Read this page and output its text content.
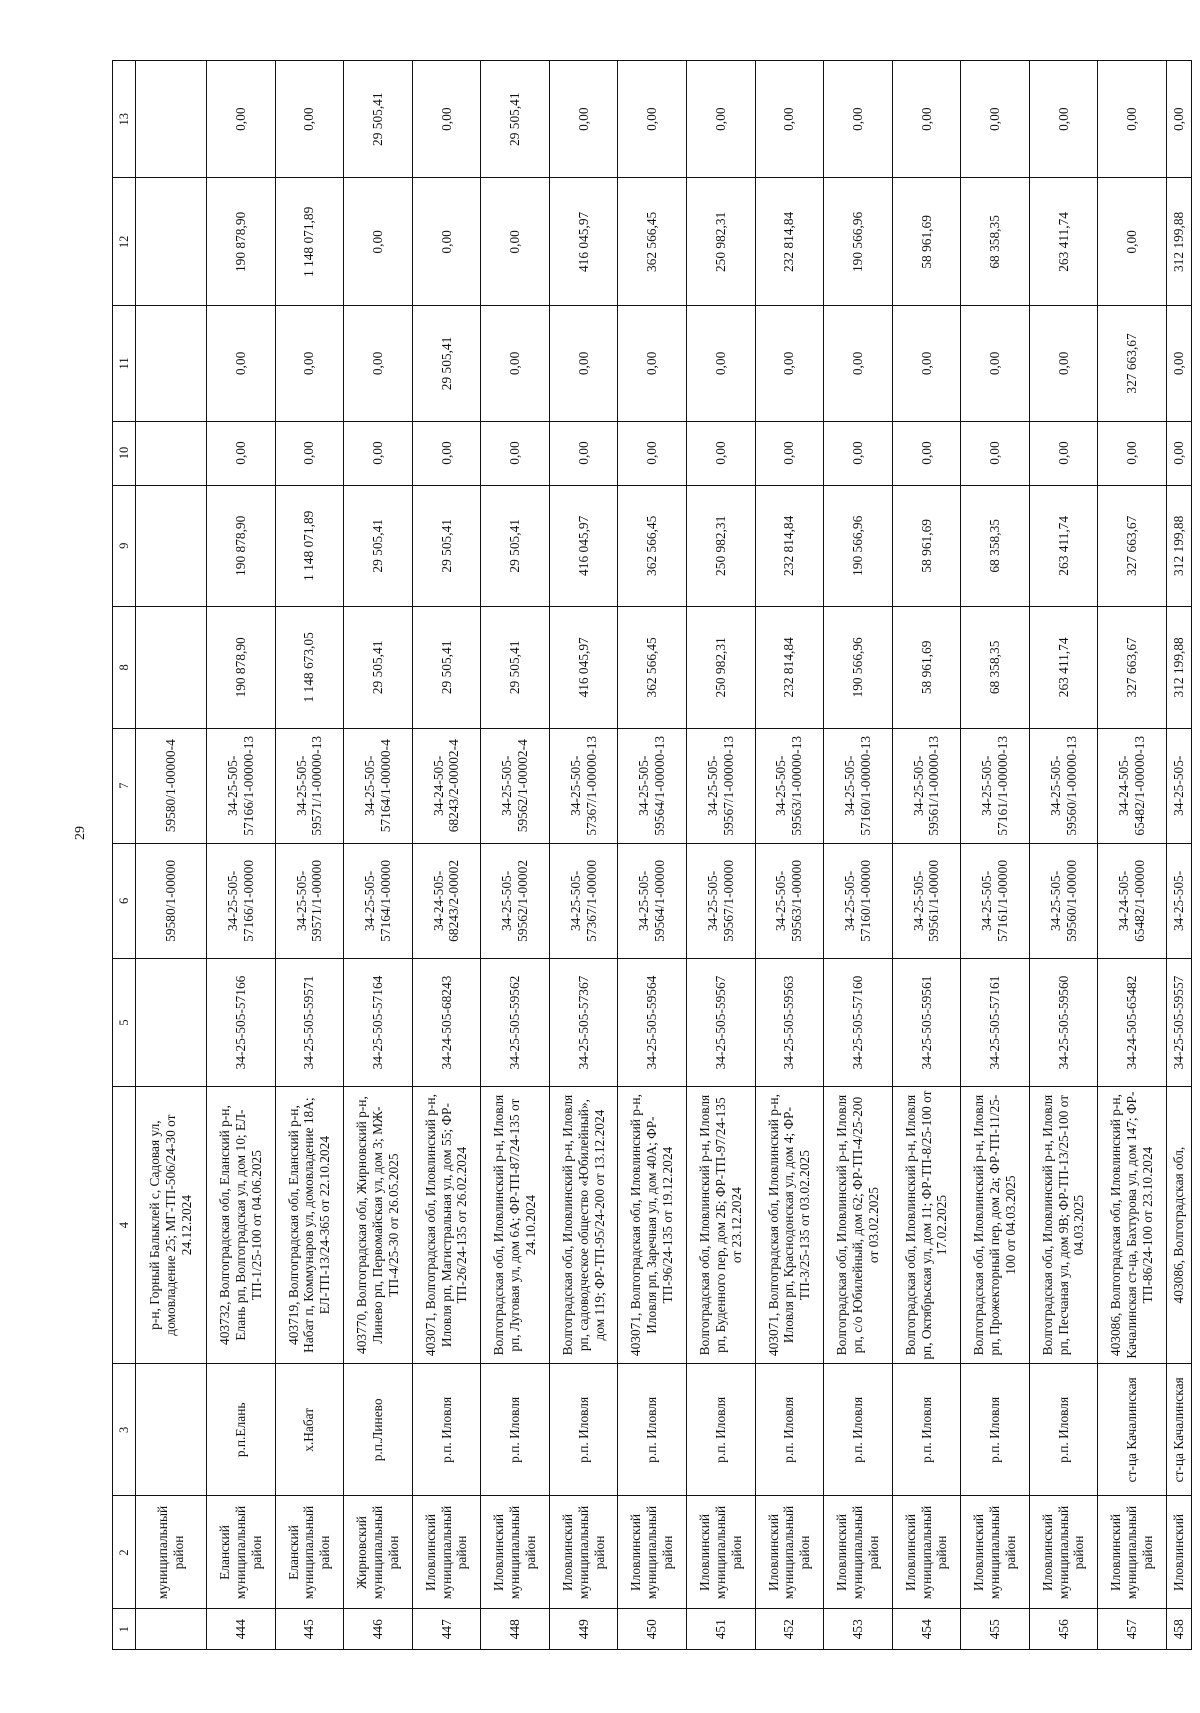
29
1	2	3	4	5	6	7	8	9	10	11	12	13
	муниципальный район		р-н, Горный Балыклей с, Садовая ул, домовладение 25; МГ-ТП-506/24-30 от 24.12.2024		59580/1-00000	59580/1-00000-4						
444	Еланский муниципальный район	р.п.Елань	403732, Волгоградская обл, Еланский р-н, Елань рп, Волгоградская ул, дом 10; ЕЛ-ТП-1/25-100 от 04.06.2025	34-25-505-57166	34-25-505-57166/1-00000	34-25-505-57166/1-00000-13	190 878,90	190 878,90	0,00	0,00	190 878,90	0,00
445	Еланский муниципальный район	х.Набат	403719, Волгоградская обл, Еланский р-н, Набат п, Коммунаров ул, домовладение 18А; ЕЛ-ТП-13/24-365 от 22.10.2024	34-25-505-59571	34-25-505-59571/1-00000	34-25-505-59571/1-00000-13	1 148 673,05	1 148 071,89	0,00	0,00	1 148 071,89	0,00
446	Жирновский муниципальный район	р.п.Линево	403770, Волгоградская обл, Жирновский р-н, Линево рп, Первомайская ул, дом 3; МЖ-ТП-4/25-30 от 26.05.2025	34-25-505-57164	34-25-505-57164/1-00000	34-25-505-57164/1-00000-4	29 505,41	29 505,41	0,00	0,00	0,00	29 505,41
447	Иловлинский муниципальный район	р.п. Иловля	403071, Волгоградская обл, Иловлинский р-н, Иловля рп, Магистральная ул, дом 55; ФР-ТП-26/24-135 от 26.02.2024	34-24-505-68243	34-24-505-68243/2-00002	34-24-505-68243/2-00002-4	29 505,41	29 505,41	0,00	29 505,41	0,00	0,00
448	Иловлинский муниципальный район	р.п. Иловля	Волгоградская обл, Иловлинский р-н, Иловля рп, Луговая ул, дом 6А; ФР-ТП-87/24-135 от 24.10.2024	34-25-505-59562	34-25-505-59562/1-00002	34-25-505-59562/1-00002-4	29 505,41	29 505,41	0,00	0,00	0,00	29 505,41
449	Иловлинский муниципальный район	р.п. Иловля	Волгоградская обл, Иловлинский р-н, Иловля рп, садоводческое общество «Юбилейный», дом 119; ФР-ТП-95/24-200 от 13.12.2024	34-25-505-57367	34-25-505-57367/1-00000	34-25-505-57367/1-00000-13	416 045,97	416 045,97	0,00	0,00	416 045,97	0,00
450	Иловлинский муниципальный район	р.п. Иловля	403071, Волгоградская обл, Иловлинский р-н, Иловля рп, Заречная ул, дом 40А; ФР-ТП-96/24-135 от 19.12.2024	34-25-505-59564	34-25-505-59564/1-00000	34-25-505-59564/1-00000-13	362 566,45	362 566,45	0,00	0,00	362 566,45	0,00
451	Иловлинский муниципальный район	р.п. Иловля	Волгоградская обл, Иловлинский р-н, Иловля рп, Буденного пер, дом 2Б; ФР-ТП-97/24-135 от 23.12.2024	34-25-505-59567	34-25-505-59567/1-00000	34-25-505-59567/1-00000-13	250 982,31	250 982,31	0,00	0,00	250 982,31	0,00
452	Иловлинский муниципальный район	р.п. Иловля	403071, Волгоградская обл, Иловлинский р-н, Иловля рп, Краснодонская ул, дом 4; ФР-ТП-3/25-135 от 03.02.2025	34-25-505-59563	34-25-505-59563/1-00000	34-25-505-59563/1-00000-13	232 814,84	232 814,84	0,00	0,00	232 814,84	0,00
453	Иловлинский муниципальный район	р.п. Иловля	Волгоградская обл, Иловлинский р-н, Иловля рп, с/о Юбилейный, дом 62; ФР-ТП-4/25-200 от 03.02.2025	34-25-505-57160	34-25-505-57160/1-00000	34-25-505-57160/1-00000-13	190 566,96	190 566,96	0,00	0,00	190 566,96	0,00
454	Иловлинский муниципальный район	р.п. Иловля	Волгоградская обл, Иловлинский р-н, Иловля рп, Октябрьская ул, дом 11; ФР-ТП-8/25-100 от 17.02.2025	34-25-505-59561	34-25-505-59561/1-00000	34-25-505-59561/1-00000-13	58 961,69	58 961,69	0,00	0,00	58 961,69	0,00
455	Иловлинский муниципальный район	р.п. Иловля	Волгоградская обл, Иловлинский р-н, Иловля рп, Прожекторный пер, дом 2а; ФР-ТП-11/25-100 от 04.03.2025	34-25-505-57161	34-25-505-57161/1-00000	34-25-505-57161/1-00000-13	68 358,35	68 358,35	0,00	0,00	68 358,35	0,00
456	Иловлинский муниципальный район	р.п. Иловля	Волгоградская обл, Иловлинский р-н, Иловля рп, Песчаная ул, дом 9В; ФР-ТП-13/25-100 от 04.03.2025	34-25-505-59560	34-25-505-59560/1-00000	34-25-505-59560/1-00000-13	263 411,74	263 411,74	0,00	0,00	263 411,74	0,00
457	Иловлинский муниципальный район	ст-ца Качалинская	403086, Волгоградская обл, Иловлинский р-н, Качалинская ст-ца, Бахтурова ул, дом 147; ФР-ТП-86/24-100 от 23.10.2024	34-24-505-65482	34-24-505-65482/1-00000	34-24-505-65482/1-00000-13	327 663,67	327 663,67	0,00	327 663,67	0,00	0,00
458	Иловлинский	ст-ца Качалинская	403086, Волгоградская обл,	34-25-505-59557	34-25-505-	34-25-505-	312 199,88	312 199,88	0,00	0,00	312 199,88	0,00
